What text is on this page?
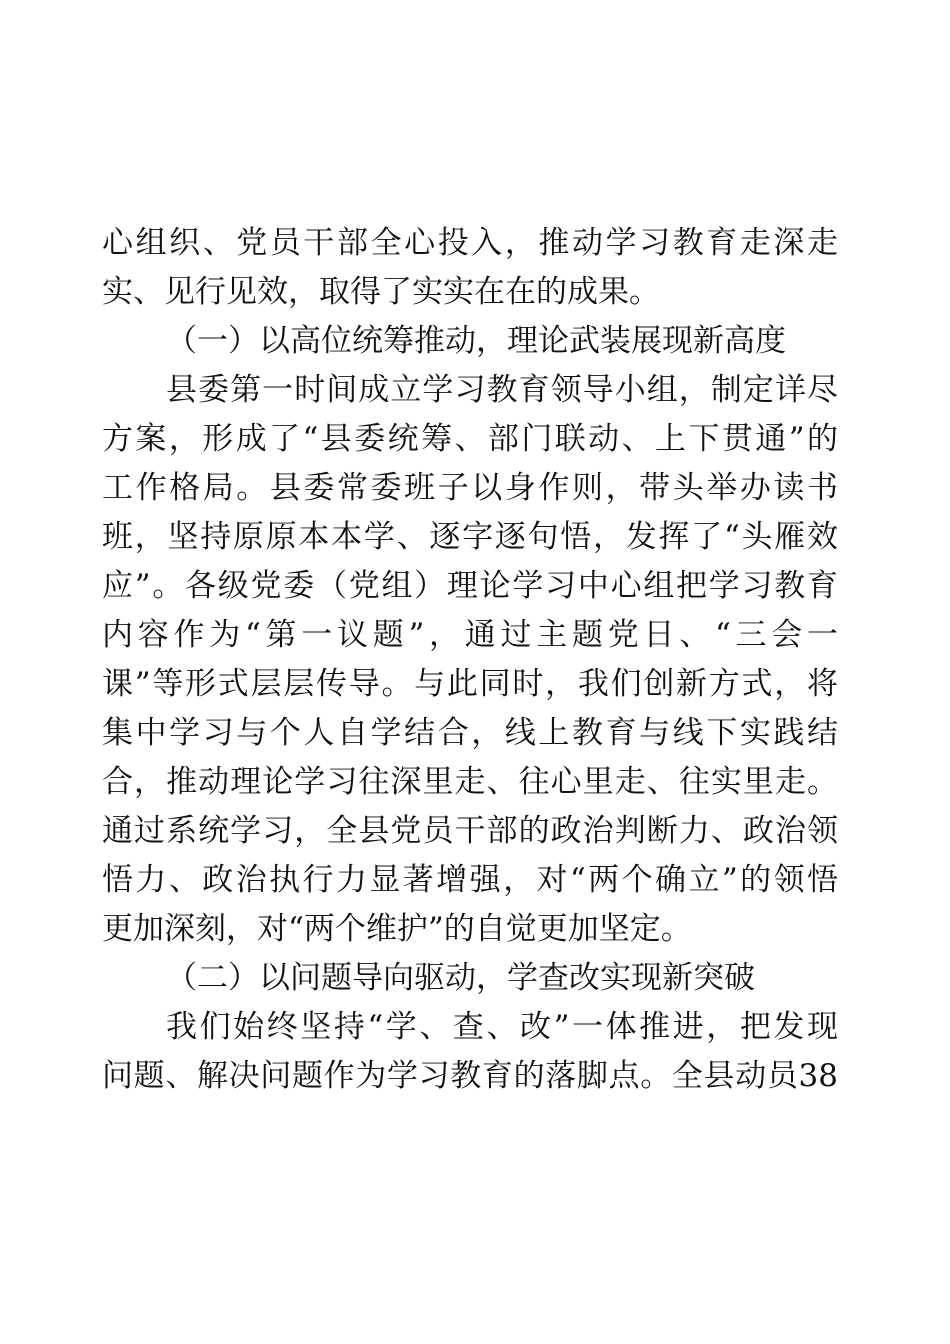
心组织、党员干部全心投入，推动学习教育走深走
实、见行见效，取得了实实在在的成果。
（一）以高位统筹推动，理论武装展现新高度
县委第一时间成立学习教育领导小组，制定详尽
方案，形成了“县委统筹、部门联动、上下贯通”的
工作格局。县委常委班子以身作则，带头举办读书
班，坚持原原本本学、逐字逐句悟，发挥了“头雁效
应”。各级党委（党组）理论学习中心组把学习教育
内容作为“第一议题”，通过主题党日、“三会一
课”等形式层层传导。与此同时，我们创新方式，将
集中学习与个人自学结合，线上教育与线下实践结
合，推动理论学习往深里走、往心里走、往实里走。
通过系统学习，全县党员干部的政治判断力、政治领
悟力、政治执行力显著增强，对“两个确立”的领悟
更加深刻，对“两个维护”的自觉更加坚定。
（二）以问题导向驱动，学查改实现新突破
我们始终坚持“学、查、改”一体推进，把发现
问题、解决问题作为学习教育的落脚点。全县动员38
